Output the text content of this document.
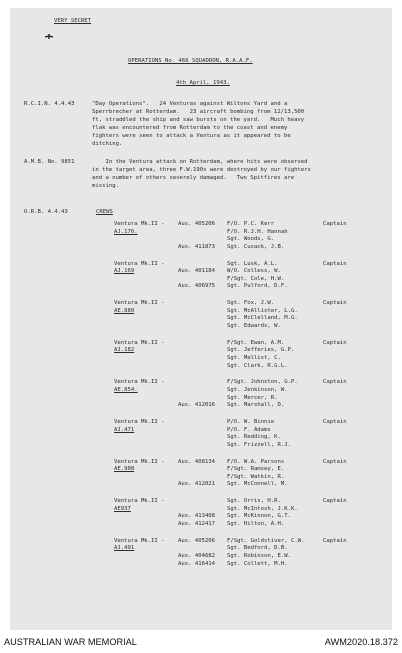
VERY SECRET
OPERATIONS No. 466 SQUADRON, R.A.A.F.
4th April, 1943.
R.C.I.N. 4.4.43	"Day Operations".   24 Venturas against Wiltons Yard and a
Sperrbrecher at Rotterdam.   23 aircraft bombing from 12/13,500
ft, straddled the ship and saw bursts on the yard.   Much heavy
flak was encountered from Rotterdam to the coast and enemy
fighters were seen to attack a Ventura as it appeared to be
ditching.
A.M.B. No. 9851	In the Ventura attack on Rotterdam, where hits were observed
in the target area, three F.W.190s were destroyed by our fighters
and a number of others severely damaged.   Two Spitfires are
missing.
O.R.B. 4.4.43	CREWS
Ventura Mk.II -
AJ.176.
Aus. 405206 F/O. P.C. Kerr	Captain
F/O. R.J.H. Hannah
Sgt. Woods, G.
Aus. 411873 Sgt. Cusack, J.B.
Ventura Mk.II -
AJ.169
Sgt. Lusk, A.L.	Captain
Aus. 401184 W/O. Colless, W.
F/Sgt. Cole, H.W.
Aus. 406975 Sgt. Pulford, D.F.
Ventura Mk.II -
AE.880
Sgt. Fox, J.W.	Captain
Sgt. McAllister, L.G.
Sgt. McClelland, M.G.
Sgt. Edwards, W.
Ventura Mk.II -
AJ.182
F/Sgt. Ewan, A.M.	Captain
Sgt. Jefferies, G.P.
Sgt. Mellist, C.
Sgt. Clark, R.G.L.
Ventura Mk.II -
AE.854.
F/Sgt. Johnston, G.P.	Captain
Sgt. Jenkinson, W.
Sgt. Mercer, R.
Aus. 412016 Sgt. Marshall, D.
Ventura Mk.II -
AJ.471
P/O. W. Binnie	Captain
P/O. F. Adams
Sgt. Redding, K.
Sgt. Frizzell, R.J.
Ventura Mk.II -
AE.908
Aus. 408134 F/O. W.A. Parsons	Captain
F/Sgt. Ramsey, E.
F/Sgt. Watkin, R.
Aus. 412021 Sgt. McConnell, M.
Ventura Mk.II -
AE937
Sgt. Orris, H.R.	Captain
Sgt. McIntosh, J.K.K.
Aus. 413408 Sgt. McKinnon, G.T.
Aus. 412417 Sgt. Hilton, A.H.
Ventura Mk.II -
AJ.491
Aus. 405206 F/Sgt. Goldstiver, C.W.	Captain
Sgt. Bedford, D.B.
Aus. 404682 Sgt. Robinson, E.W.
Aus. 416414 Sgt. Collett, M.H.
AUSTRALIAN WAR MEMORIAL	AWM2020.18.372
